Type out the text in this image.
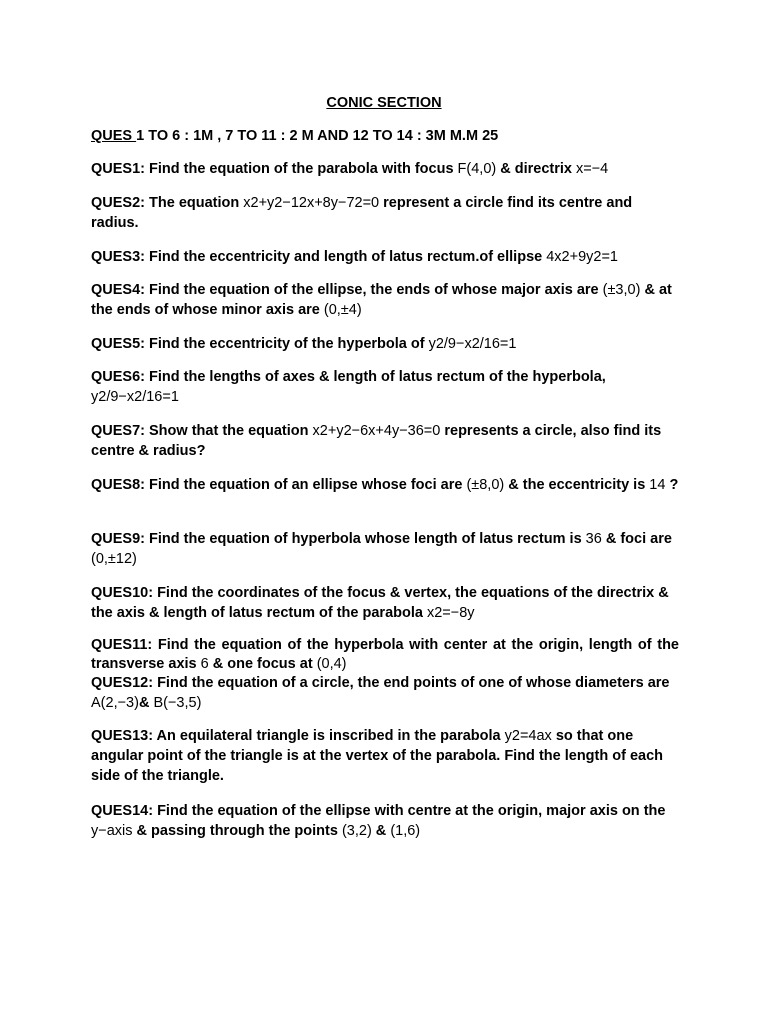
CONIC SECTION
QUES 1 TO 6 : 1M , 7 TO 11 : 2 M AND 12 TO 14 : 3M M.M 25
QUES1: Find the equation of the parabola with focus F(4,0) & directrix x=−4
QUES2: The equation x2+y2−12x+8y−72=0 represent a circle find its centre and radius.
QUES3: Find the eccentricity and length of latus rectum.of ellipse 4x2+9y2=1
QUES4: Find the equation of the ellipse, the ends of whose major axis are (±3,0) & at the ends of whose minor axis are (0,±4)
QUES5: Find the eccentricity of the hyperbola of y2/9−x2/16=1
QUES6: Find the lengths of axes & length of latus rectum of the hyperbola,
y2/9−x2/16=1
QUES7: Show that the equation x2+y2−6x+4y−36=0 represents a circle, also find its centre & radius?
QUES8: Find the equation of an ellipse whose foci are (±8,0) & the eccentricity is 14 ?
QUES9: Find the equation of hyperbola whose length of latus rectum is 36 & foci are (0,±12)
QUES10: Find the coordinates of the focus & vertex, the equations of the directrix & the axis & length of latus rectum of the parabola x2=−8y
QUES11: Find the equation of the hyperbola with center at the origin, length of the transverse axis 6 & one focus at (0,4)
QUES12: Find the equation of a circle, the end points of one of whose diameters are A(2,−3)& B(−3,5)
QUES13: An equilateral triangle is inscribed in the parabola y2=4ax so that one angular point of the triangle is at the vertex of the parabola. Find the length of each side of the triangle.
QUES14: Find the equation of the ellipse with centre at the origin, major axis on the y−axis & passing through the points (3,2) & (1,6)
